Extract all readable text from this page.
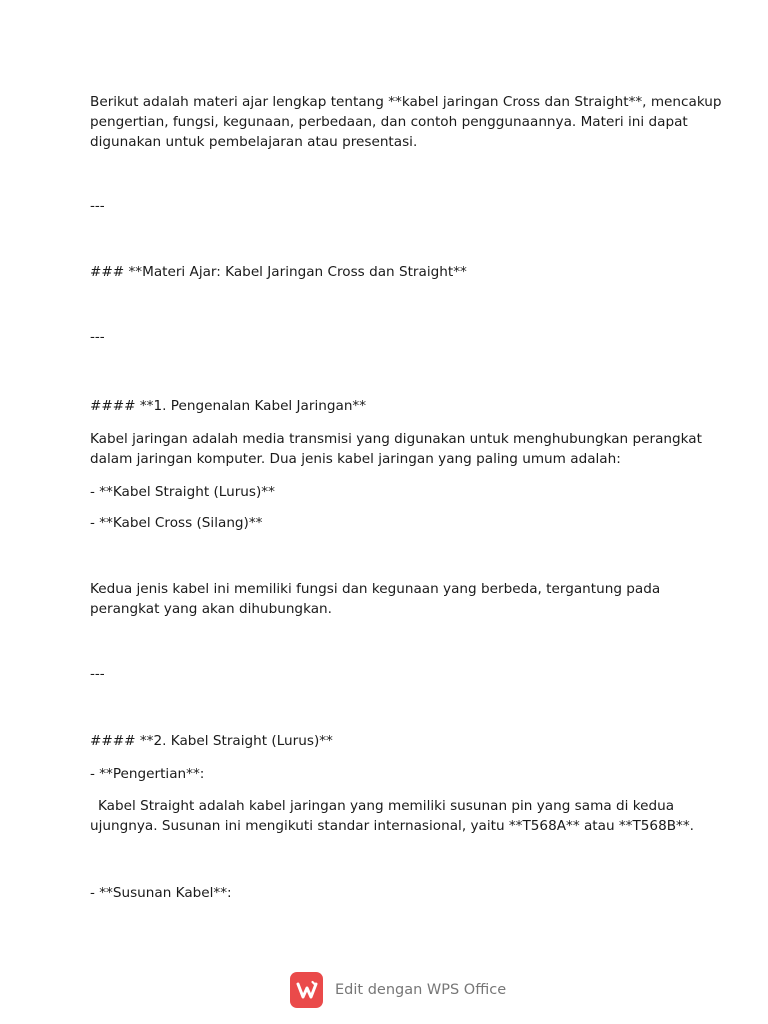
Berikut adalah materi ajar lengkap tentang **kabel jaringan Cross dan Straight**, mencakup
pengertian, fungsi, kegunaan, perbedaan, dan contoh penggunaannya. Materi ini dapat
digunakan untuk pembelajaran atau presentasi.
---
### **Materi Ajar: Kabel Jaringan Cross dan Straight**
---
#### **1. Pengenalan Kabel Jaringan**
Kabel jaringan adalah media transmisi yang digunakan untuk menghubungkan perangkat
dalam jaringan komputer. Dua jenis kabel jaringan yang paling umum adalah:
- **Kabel Straight (Lurus)**
- **Kabel Cross (Silang)**
Kedua jenis kabel ini memiliki fungsi dan kegunaan yang berbeda, tergantung pada
perangkat yang akan dihubungkan.
---
#### **2. Kabel Straight (Lurus)**
- **Pengertian**:
Kabel Straight adalah kabel jaringan yang memiliki susunan pin yang sama di kedua
ujungnya. Susunan ini mengikuti standar internasional, yaitu **T568A** atau **T568B**.
- **Susunan Kabel**:
Edit dengan WPS Office
